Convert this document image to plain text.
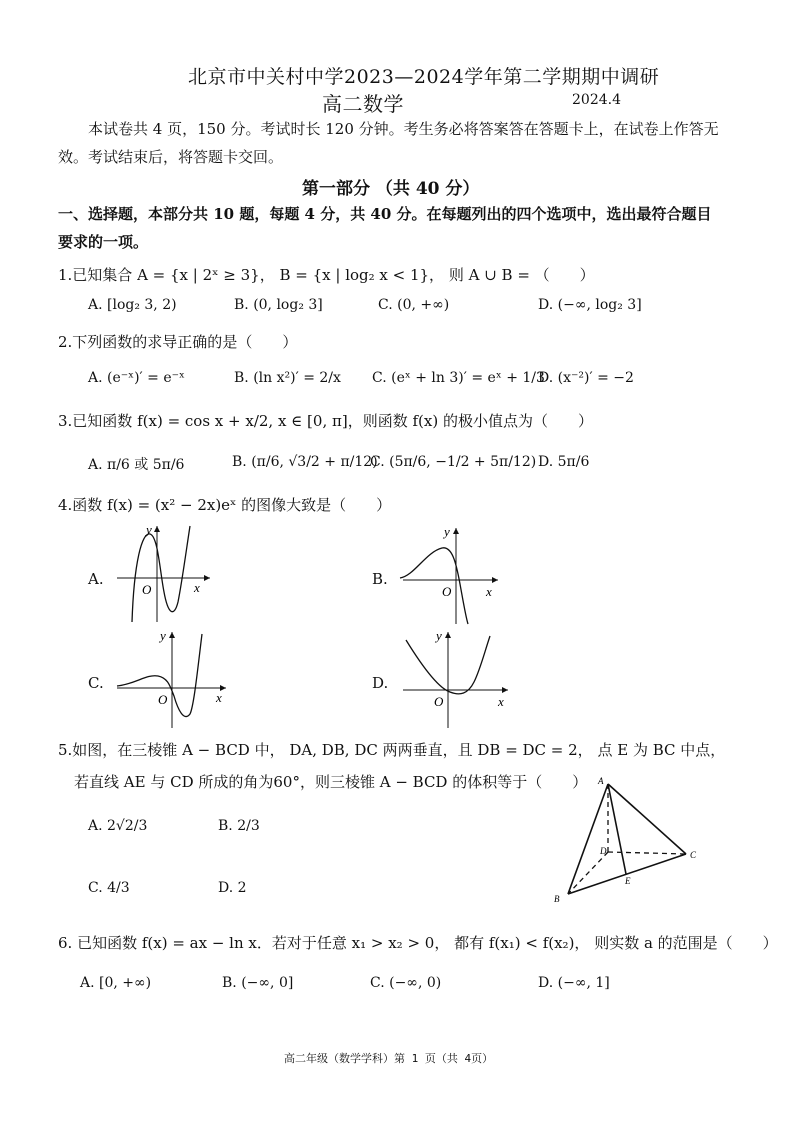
北京市中关村中学2023—2024学年第二学期期中调研
高二数学	2024.4
本试卷共 4 页，150 分。考试时长 120 分钟。考生务必将答案答在答题卡上，在试卷上作答无
效。考试结束后，将答题卡交回。
第一部分 （共 40 分）
一、选择题，本部分共 10 题，每题 4 分，共 40 分。在每题列出的四个选项中，选出最符合题目
要求的一项。
1.已知集合 A = {x | 2ˣ ≥ 3}， B = {x | log₂ x < 1}， 则 A ∪ B = （　　）
A. [log₂ 3, 2)	B. (0, log₂ 3]	C. (0, +∞)	D. (−∞, log₂ 3]
2.下列函数的求导正确的是（　　）
A. (e⁻ˣ)′ = e⁻ˣ	B. (ln x²)′ = 2/x C. (eˣ + ln 3)′ = eˣ + 1/3
D. (x⁻²)′ = −2
3.已知函数 f(x) = cos x + x/2, x ∈ [0, π]，则函数 f(x) 的极小值点为（　　）
A. π/6 或 5π/6	B. (π/6, √3/2 + π/12)
C. (5π/6, −1/2 + 5π/12) D. 5π/6
4.函数 f(x) = (x² − 2x)eˣ 的图像大致是（　　）
A.	B.
C.	D.
y
O	x
y
O	x
y
O	x
y
O	x
5.如图，在三棱锥 A − BCD 中， DA, DB, DC 两两垂直，且 DB = DC = 2， 点 E 为 BC 中点，
若直线 AE 与 CD 所成的角为60°，则三棱锥 A − BCD 的体积等于（　　）
A. 2√2/3	B. 2/3
C. 4/3	D. 2
A
B
C
D
E
6. 已知函数 f(x) = ax − ln x．若对于任意 x₁ > x₂ > 0， 都有 f(x₁) < f(x₂)， 则实数 a 的范围是（　　）
A. [0, +∞)	B. (−∞, 0]	C. (−∞, 0)	D. (−∞, 1]
高二年级（数学学科）第 1 页（共 4页）
